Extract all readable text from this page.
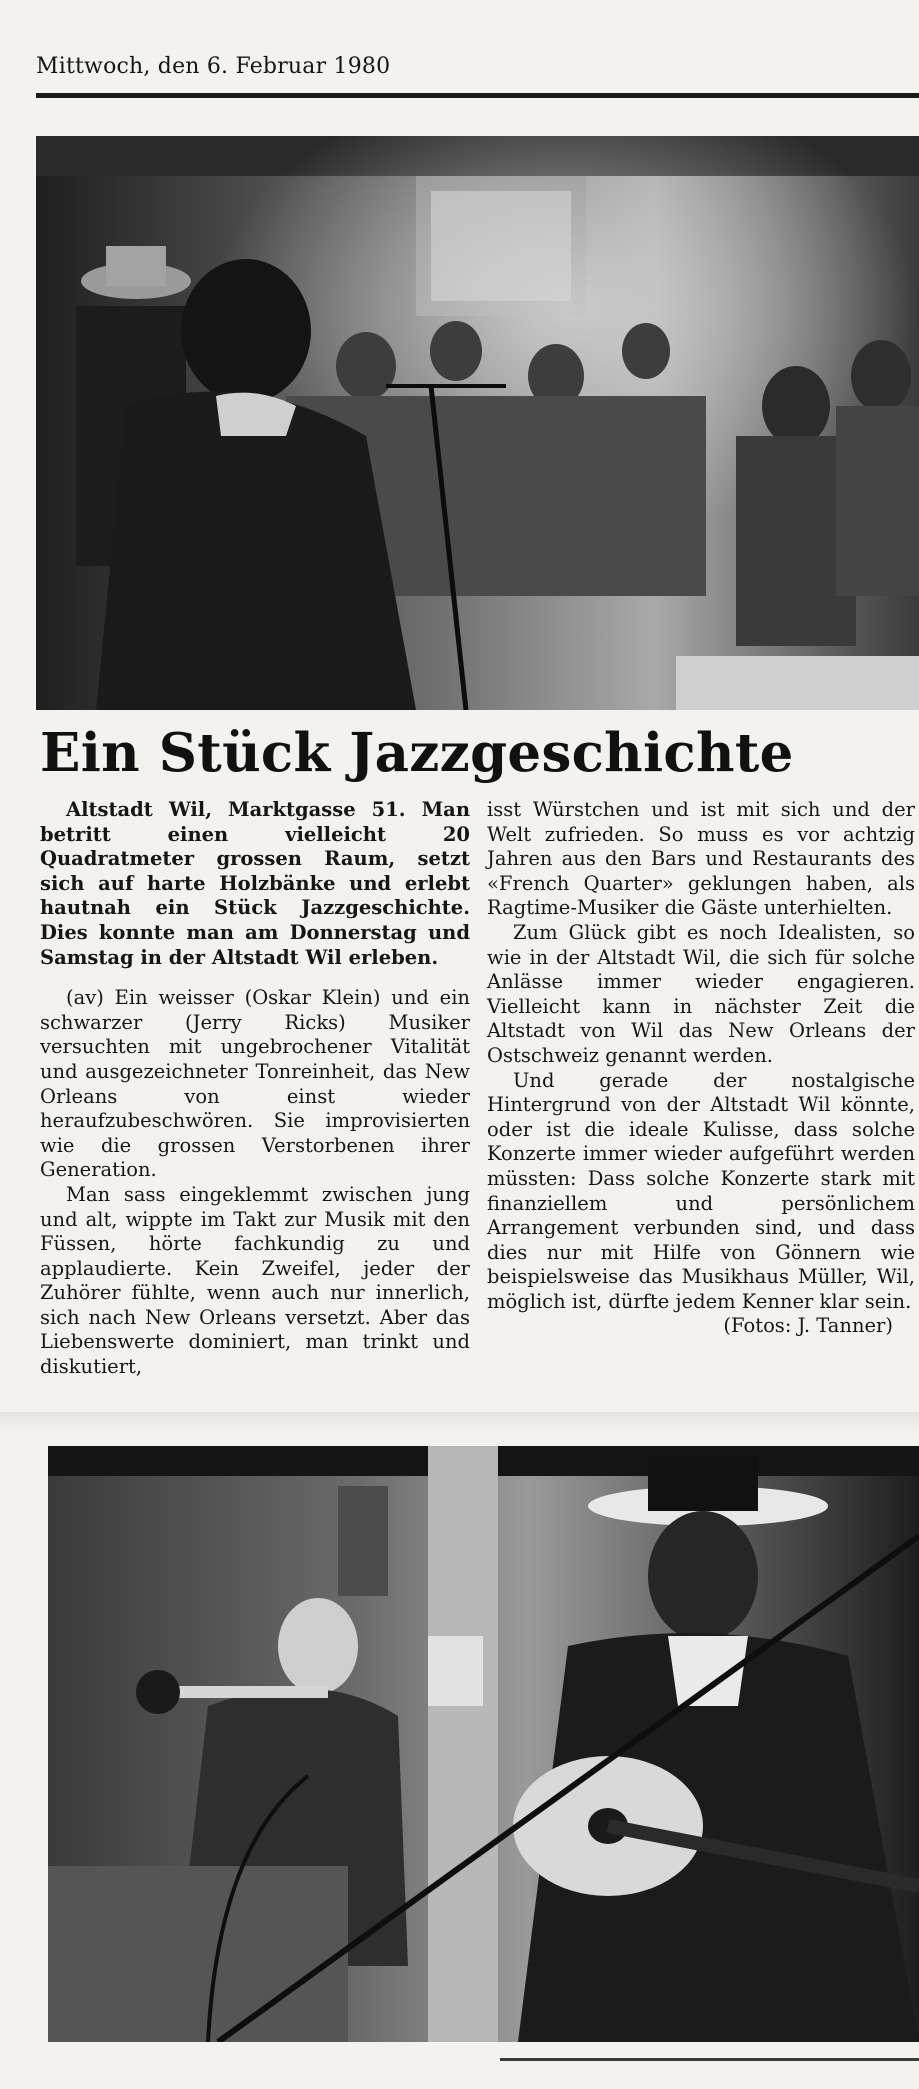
Mittwoch, den 6. Februar 1980
Ein Stück Jazzgeschichte

Altstadt Wil, Marktgasse 51. Man betritt einen vielleicht 20 Quadratmeter grossen Raum, setzt sich auf harte Holzbänke und erlebt hautnah ein Stück Jazzgeschichte. Dies konnte man am Donnerstag und Samstag in der Altstadt Wil erleben.

(av) Ein weisser (Oskar Klein) und ein schwarzer (Jerry Ricks) Musiker versuchten mit ungebrochener Vitalität und ausgezeichneter Tonreinheit, das New Orleans von einst wieder heraufzubeschwören. Sie improvisierten wie die grossen Verstorbenen ihrer Generation.

Man sass eingeklemmt zwischen jung und alt, wippte im Takt zur Musik mit den Füssen, hörte fachkundig zu und applaudierte. Kein Zweifel, jeder der Zuhörer fühlte, wenn auch nur innerlich, sich nach New Orleans versetzt. Aber das Liebenswerte dominiert, man trinkt und diskutiert,

isst Würstchen und ist mit sich und der Welt zufrieden. So muss es vor achtzig Jahren aus den Bars und Restaurants des «French Quarter» geklungen haben, als Ragtime-Musiker die Gäste unterhielten.

Zum Glück gibt es noch Idealisten, so wie in der Altstadt Wil, die sich für solche Anlässe immer wieder engagieren. Vielleicht kann in nächster Zeit die Altstadt von Wil das New Orleans der Ostschweiz genannt werden.

Und gerade der nostalgische Hintergrund von der Altstadt Wil könnte, oder ist die ideale Kulisse, dass solche Konzerte immer wieder aufgeführt werden müssten: Dass solche Konzerte stark mit finanziellem und persönlichem Arrangement verbunden sind, und dass dies nur mit Hilfe von Gönnern wie beispielsweise das Musikhaus Müller, Wil, möglich ist, dürfte jedem Kenner klar sein.

(Fotos: J. Tanner)
